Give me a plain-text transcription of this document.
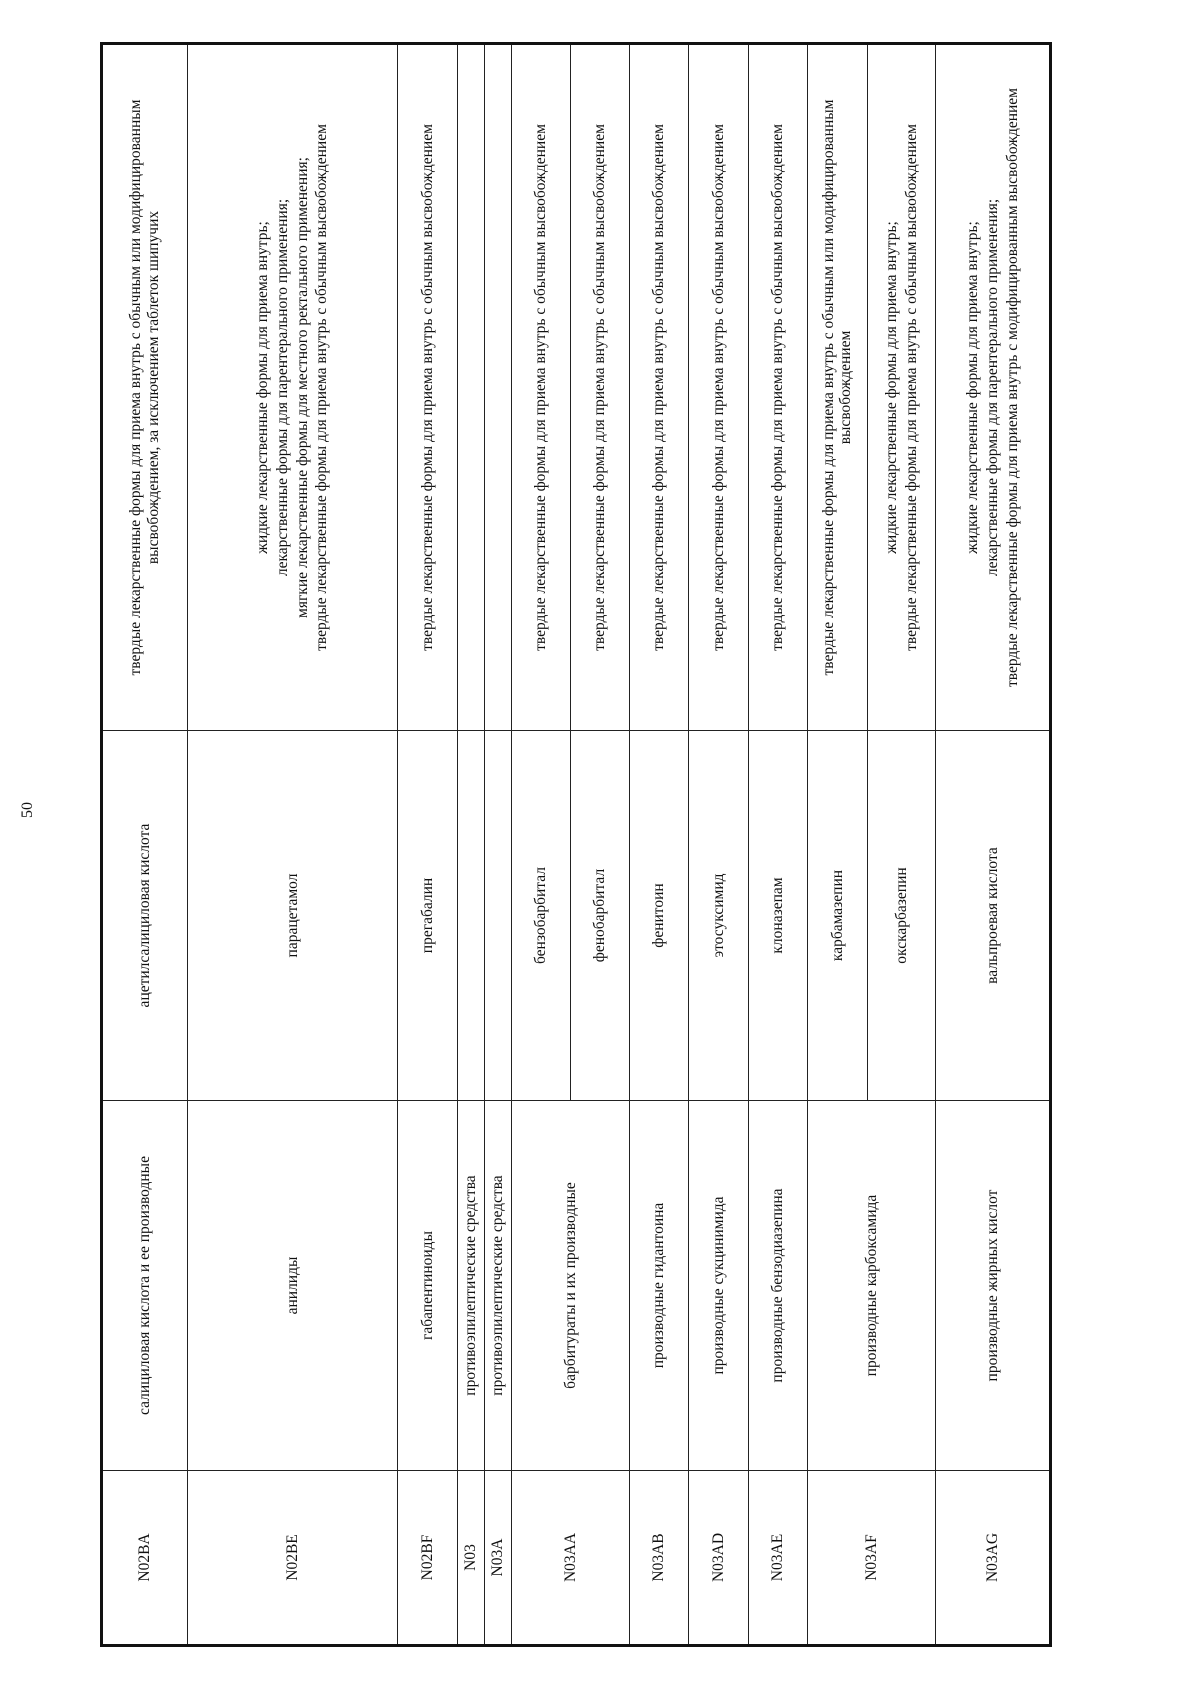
50
N02BA	салициловая кислота и ее производные	ацетилсалициловая кислота	твердые лекарственные формы для приема внутрь с обычным или модифицированным высвобождением, за исключением таблеток шипучих

N02BE	анилиды	парацетамол	жидкие лекарственные формы для приема внутрь; лекарственные формы для парентерального применения; мягкие лекарственные формы для местного ректального применения; твердые лекарственные формы для приема внутрь с обычным высвобождением

N02BF	габапентиноиды	прегабалин	твердые лекарственные формы для приема внутрь с обычным высвобождением

N03	противоэпилептические средства		
N03A	противоэпилептические средства		
N03AA	барбитураты и их производные	бензобарбитал	твердые лекарственные формы для приема внутрь с обычным высвобождением

		фенобарбитал	твердые лекарственные формы для приема внутрь с обычным высвобождением

N03AB	производные гидантоина	фенитоин	твердые лекарственные формы для приема внутрь с обычным высвобождением

N03AD	производные сукцинимида	этосуксимид	твердые лекарственные формы для приема внутрь с обычным высвобождением

N03AE	производные бензодиазепина	клоназепам	твердые лекарственные формы для приема внутрь с обычным высвобождением

N03AF	производные карбоксамида	карбамазепин	твердые лекарственные формы для приема внутрь с обычным или модифицированным высвобождением

		окскарбазепин	жидкие лекарственные формы для приема внутрь; твердые лекарственные формы для приема внутрь с обычным высвобождением

N03AG	производные жирных кислот	вальпроевая кислота	жидкие лекарственные формы для приема внутрь; лекарственные формы для парентерального применения; твердые лекарственные формы для приема внутрь с модифицированным высвобождением
